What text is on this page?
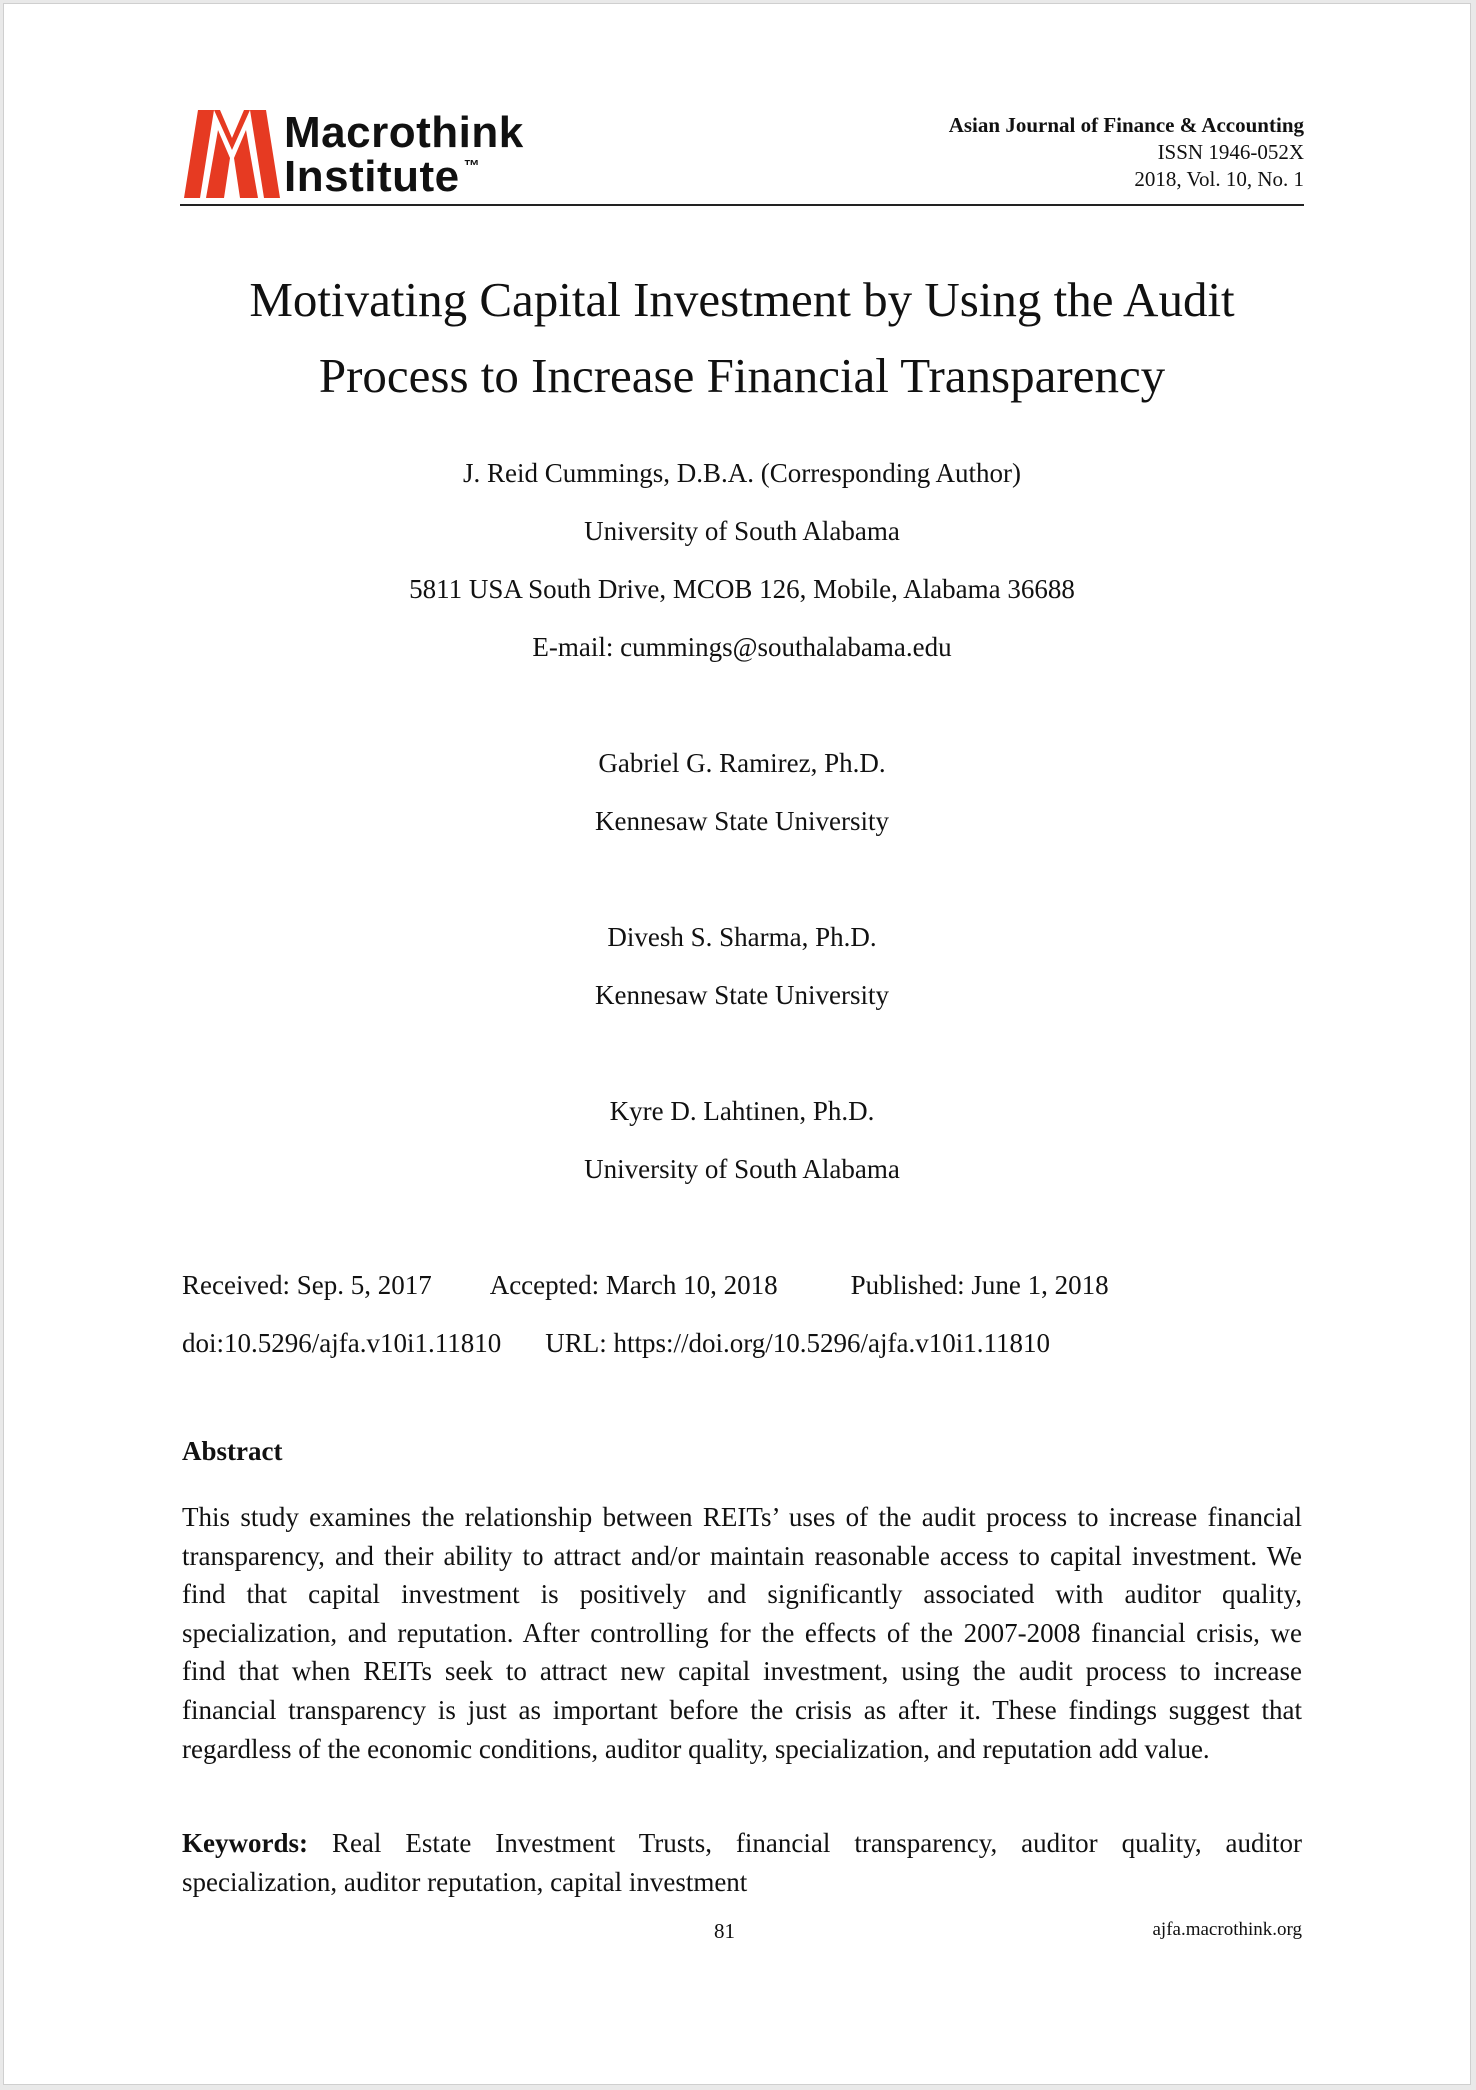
Macrothink
Institute ™
Asian Journal of Finance & Accounting
ISSN 1946-052X
2018, Vol. 10, No. 1
Motivating Capital Investment by Using the Audit
Process to Increase Financial Transparency
J. Reid Cummings, D.B.A. (Corresponding Author)
University of South Alabama
5811 USA South Drive, MCOB 126, Mobile, Alabama 36688
E-mail: cummings@southalabama.edu
Gabriel G. Ramirez, Ph.D.
Kennesaw State University
Divesh S. Sharma, Ph.D.
Kennesaw State University
Kyre D. Lahtinen, Ph.D.
University of South Alabama
Received: Sep. 5, 2017 Accepted: March 10, 2018	Published: June 1, 2018
doi:10.5296/ajfa.v10i1.11810 URL: https://doi.org/10.5296/ajfa.v10i1.11810
Abstract
This study examines the relationship between REITs’ uses of the audit process to increase financial transparency, and their ability to attract and/or maintain reasonable access to capital investment. We find that capital investment is positively and significantly associated with auditor quality, specialization, and reputation. After controlling for the effects of the 2007-2008 financial crisis, we find that when REITs seek to attract new capital investment, using the audit process to increase financial transparency is just as important before the crisis as after it. These findings suggest that regardless of the economic conditions, auditor quality, specialization, and reputation add value.
Keywords: Real Estate Investment Trusts, financial transparency, auditor quality, auditor specialization, auditor reputation, capital investment
81	ajfa.macrothink.org
